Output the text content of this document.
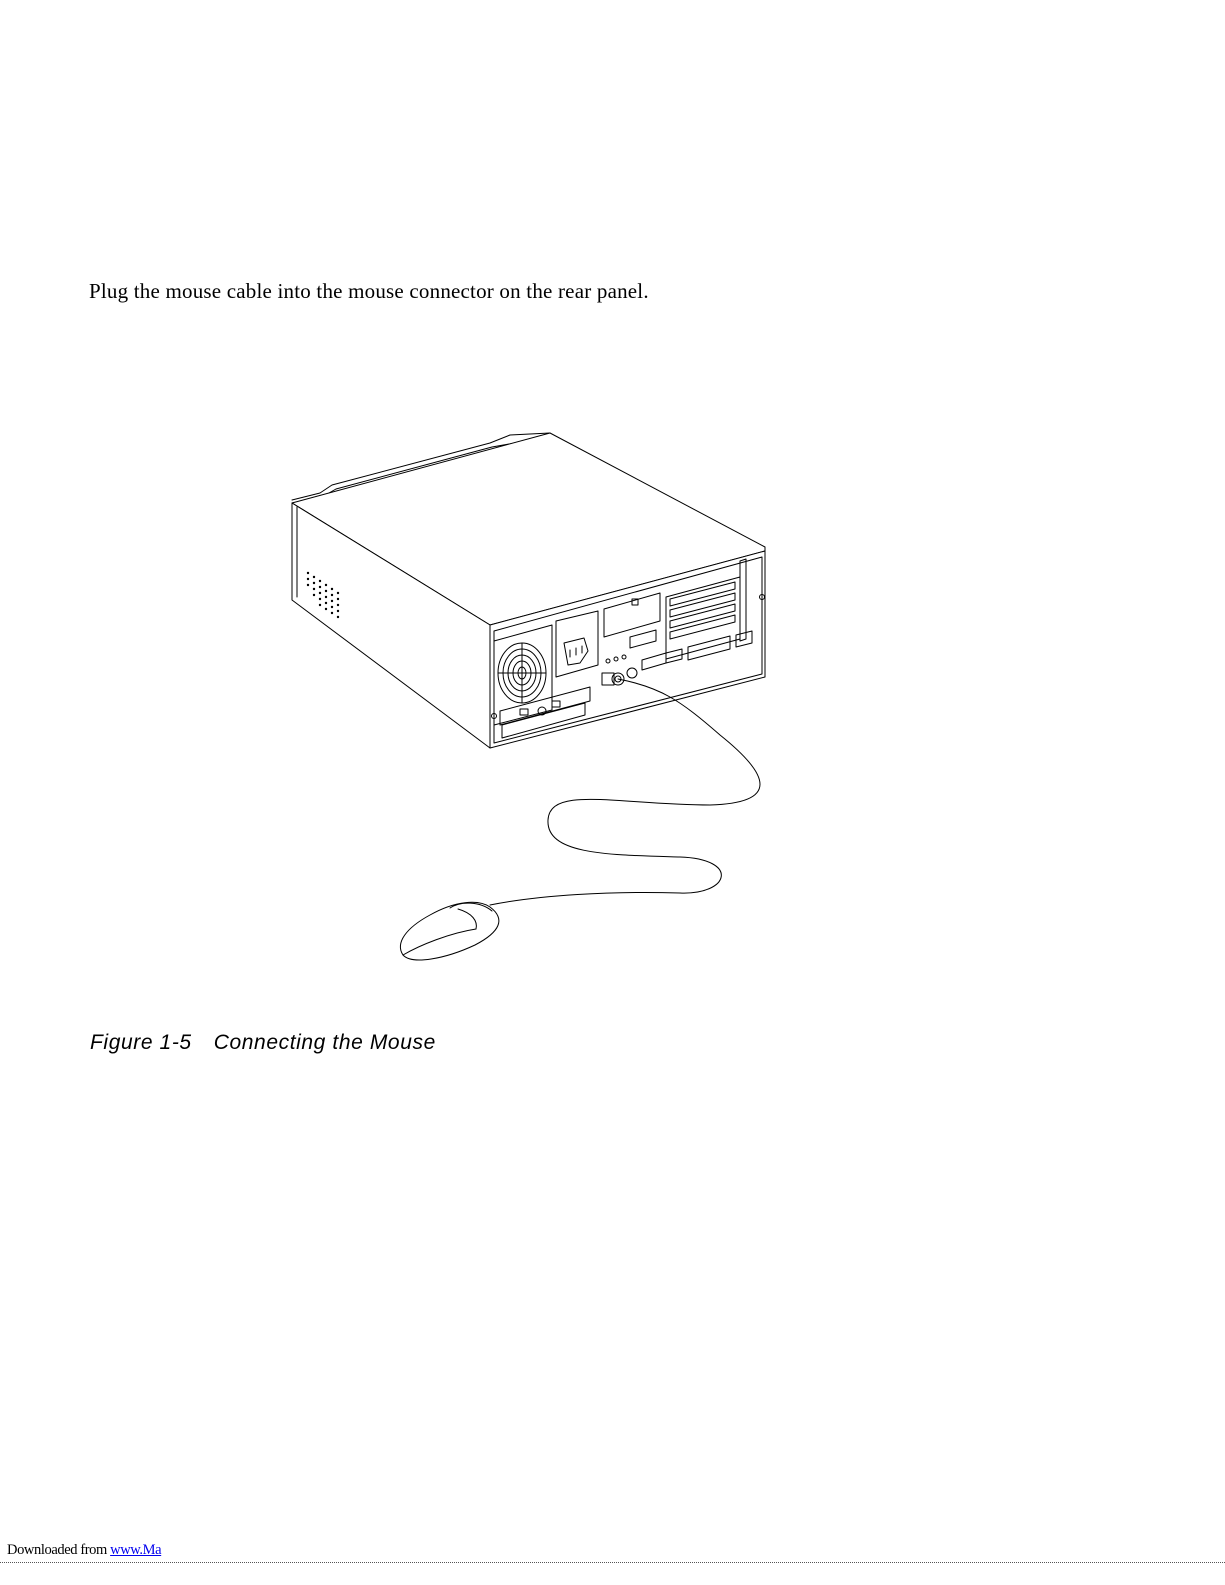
Plug the mouse cable into the mouse connector on the rear panel.
Figure 1-5 Connecting the Mouse
Downloaded from www.Ma
